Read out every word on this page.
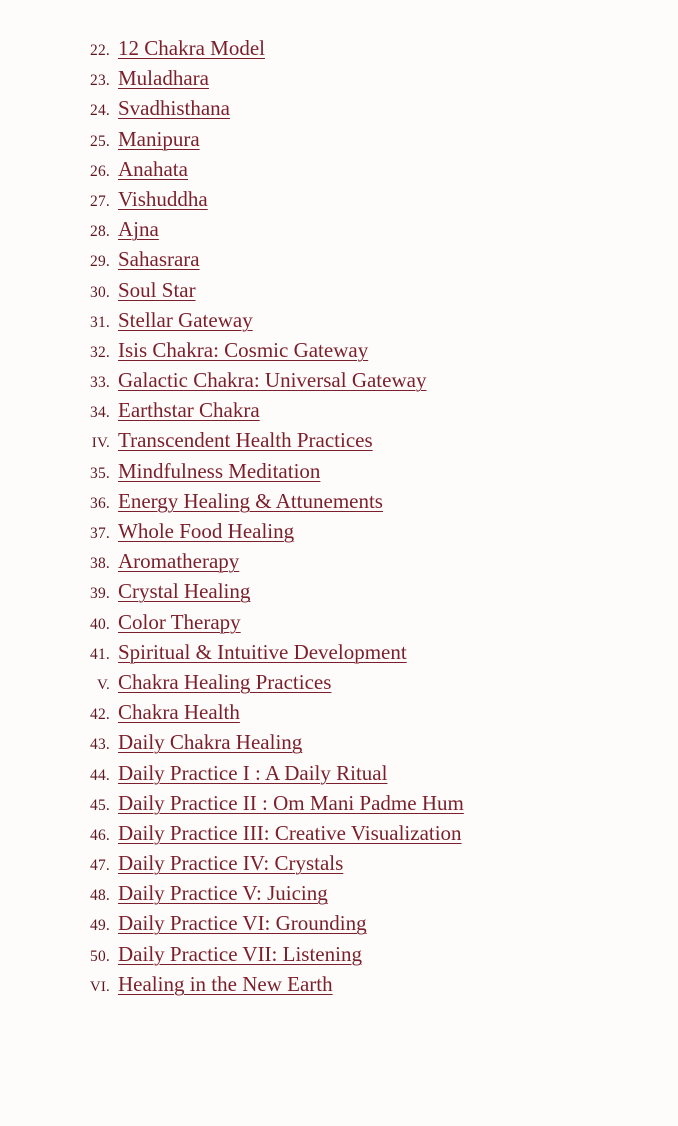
22. 12 Chakra Model
23. Muladhara
24. Svadhisthana
25. Manipura
26. Anahata
27. Vishuddha
28. Ajna
29. Sahasrara
30. Soul Star
31. Stellar Gateway
32. Isis Chakra: Cosmic Gateway
33. Galactic Chakra: Universal Gateway
34. Earthstar Chakra
IV. Transcendent Health Practices
35. Mindfulness Meditation
36. Energy Healing & Attunements
37. Whole Food Healing
38. Aromatherapy
39. Crystal Healing
40. Color Therapy
41. Spiritual & Intuitive Development
V. Chakra Healing Practices
42. Chakra Health
43. Daily Chakra Healing
44. Daily Practice I : A Daily Ritual
45. Daily Practice II : Om Mani Padme Hum
46. Daily Practice III: Creative Visualization
47. Daily Practice IV: Crystals
48. Daily Practice V: Juicing
49. Daily Practice VI: Grounding
50. Daily Practice VII: Listening
VI. Healing in the New Earth
